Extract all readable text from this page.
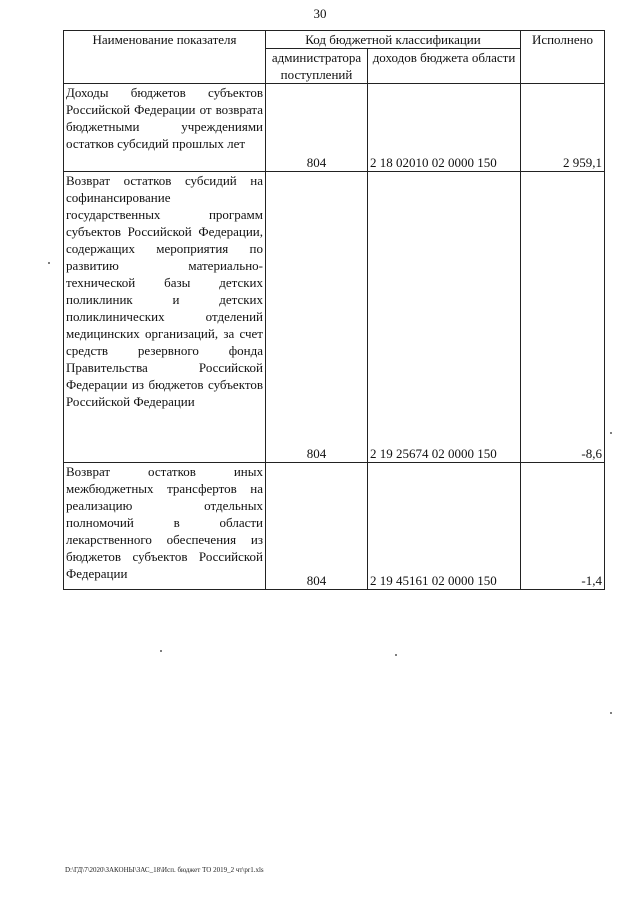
30
Наименование показателя	Код бюджетной классификации		Исполнено
	администратора поступлений	доходов бюджета области	
Доходы бюджетов субъектов Российской Федерации от возврата бюджетными учреждениями остатков субсидий прошлых лет	804	2 18 02010 02 0000 150	2 959,1
Возврат остатков субсидий на софинансирование государственных программ субъектов Российской Федерации, содержащих мероприятия по развитию материально-технической базы детских поликлиник и детских поликлинических отделений медицинских организаций, за счет средств резервного фонда Правительства Российской Федерации из бюджетов субъектов Российской Федерации	804	2 19 25674 02 0000 150	-8,6
Возврат остатков иных межбюджетных трансфертов на реализацию отдельных полномочий в области лекарственного обеспечения из бюджетов субъектов Российской Федерации	804	2 19 45161 02 0000 150	-1,4
D:\ГД\7\2020\ЗАКОНЫ\ЗАС_18\Исп. бюджет ТО 2019_2 чт\pr1.xls
